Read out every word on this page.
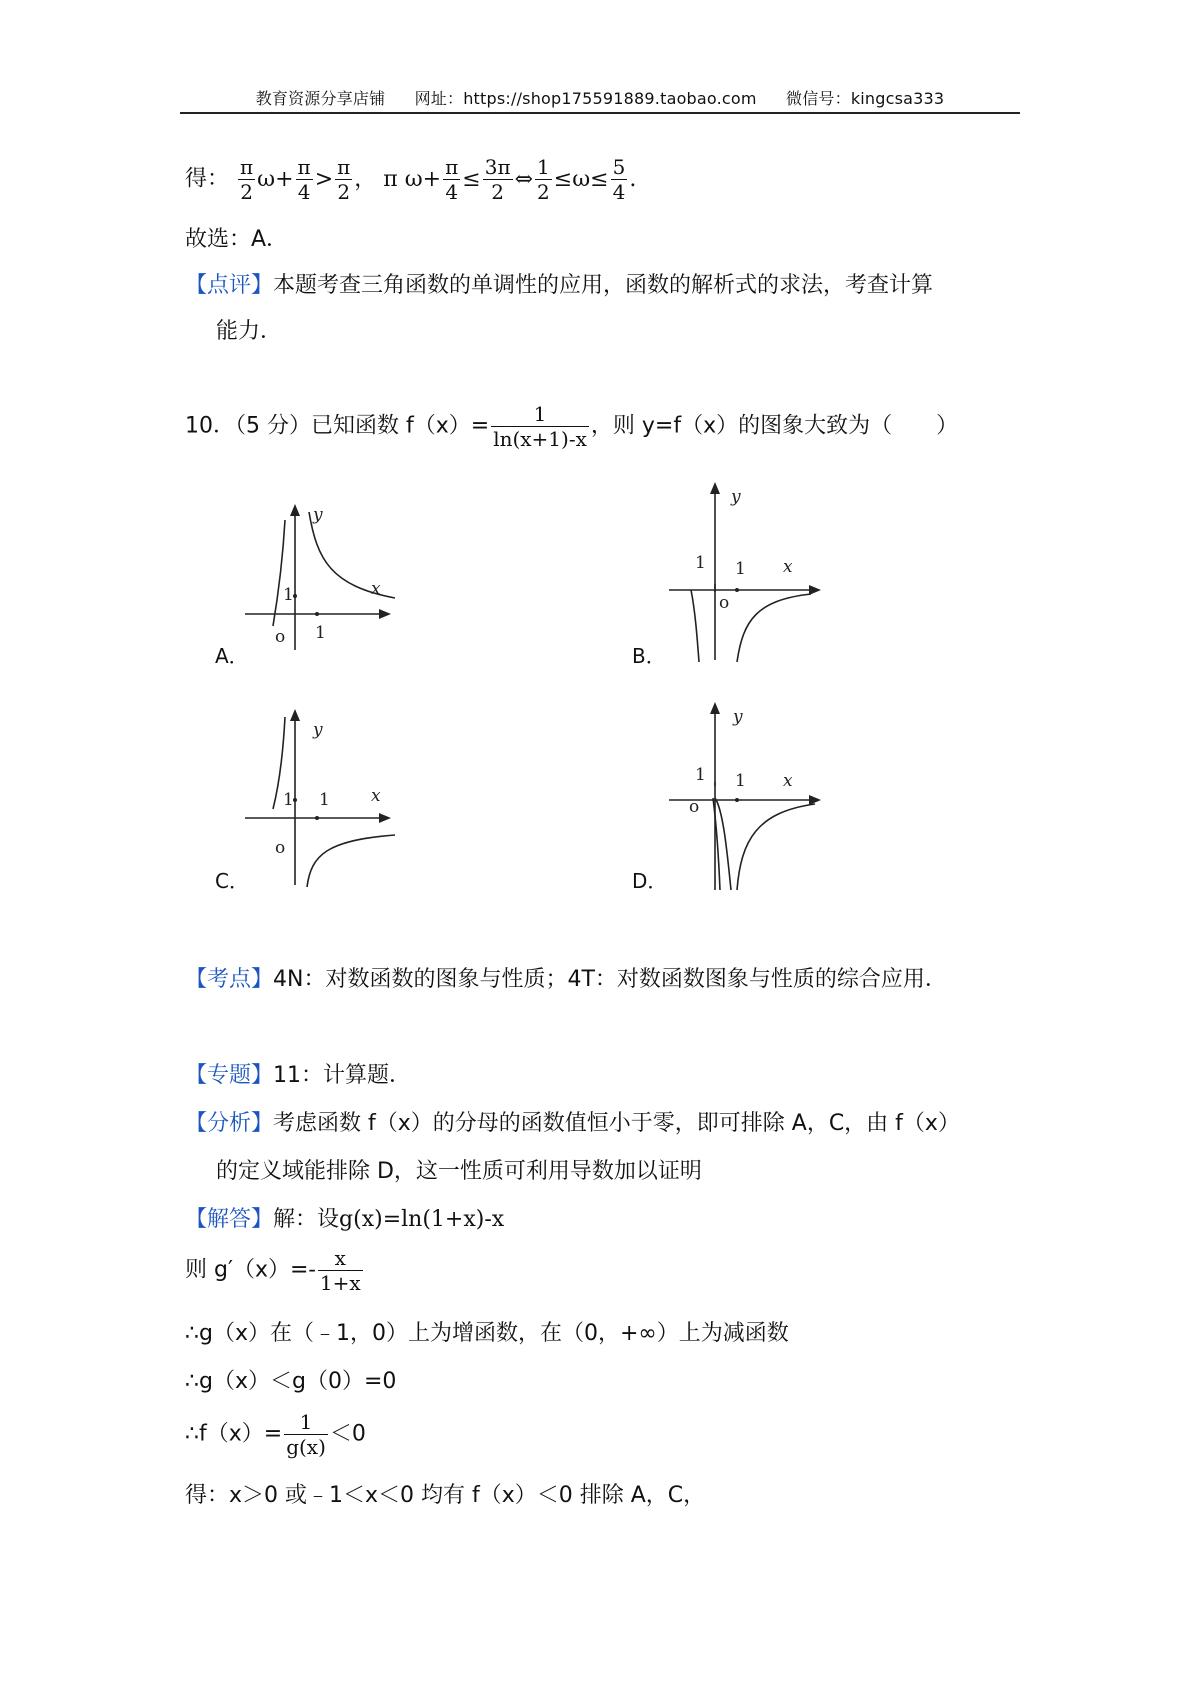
教育资源分享店铺 网址：https://shop175591889.taobao.com 微信号：kingcsa333
得： $\frac{\pi}{2} \omega+ \frac{\pi}{4} > \frac{\pi}{2}$ ， π $\omega+ \frac{\pi}{4} \le \frac{3\pi}{2}$ ⇔ $\frac{1}{2} \le\omega\le \frac{5}{4}$ .
故选：A．
【点评】本题考查三角函数的单调性的应用，函数的解析式的求法，考查计算
能力．
10．（5 分）已知函数 $f(x)= \frac{1}{\ln(x+1)-x}$ ，则 y=f（x）的图象大致为（　　）
y
x
1
1
o
A．
y
x
1 1
o
B．
y
x
1 1
o
C．
y
x
1 1
o
D．
【考点】4N：对数函数的图象与性质；4T：对数函数图象与性质的综合应用．
【专题】11：计算题．
【分析】考虑函数 f（x）的分母的函数值恒小于零，即可排除 A，C，由 f（x）
的定义域能排除 D，这一性质可利用导数加以证明
【解答】解：设g(x)=ln(1+x)-x
则 $g'(x)=- \frac{x}{1+x}$
∴g（x）在（﹣1，0）上为增函数，在（0，+∞）上为减函数
∴g（x）＜g（0）=0
∴f（x）= $\frac{1}{g(x)} <0$
得：x＞0 或﹣1＜x＜0 均有 f（x）＜0 排除 A，C，
